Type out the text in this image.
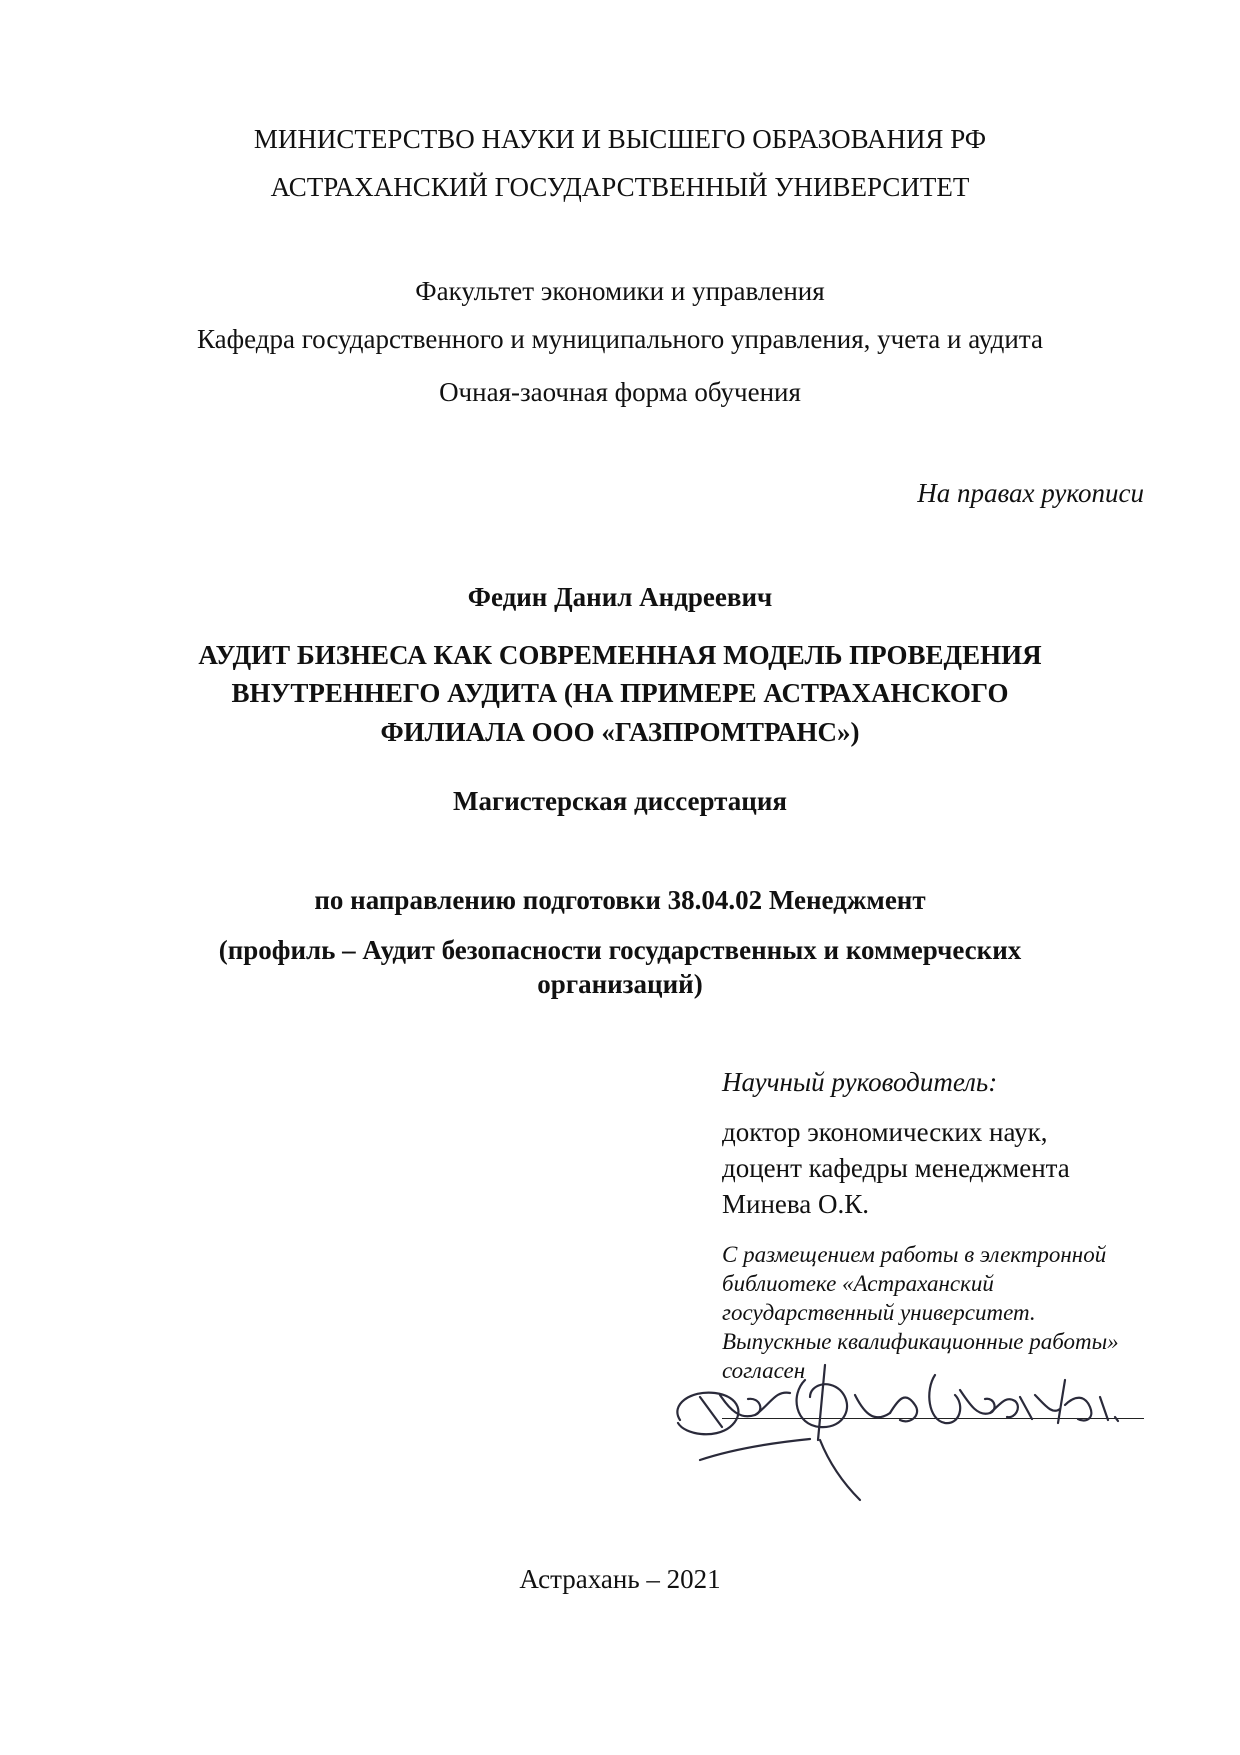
МИНИСТЕРСТВО НАУКИ И ВЫСШЕГО ОБРАЗОВАНИЯ РФ
АСТРАХАНСКИЙ ГОСУДАРСТВЕННЫЙ УНИВЕРСИТЕТ
Факультет экономики и управления
Кафедра государственного и муниципального управления, учета и аудита
Очная-заочная форма обучения
На правах рукописи
Федин Данил Андреевич
АУДИТ БИЗНЕСА КАК СОВРЕМЕННАЯ МОДЕЛЬ ПРОВЕДЕНИЯ
ВНУТРЕННЕГО АУДИТА (НА ПРИМЕРЕ АСТРАХАНСКОГО
ФИЛИАЛА ООО «ГАЗПРОМТРАНС»)
Магистерская диссертация
по направлению подготовки 38.04.02 Менеджмент
(профиль – Аудит безопасности государственных и коммерческих
организаций)
Научный руководитель:
доктор экономических наук,
доцент кафедры менеджмента
Минева О.К.
С размещением работы в электронной
библиотеке «Астраханский
государственный университет.
Выпускные квалификационные работы»
согласен
Астрахань – 2021
